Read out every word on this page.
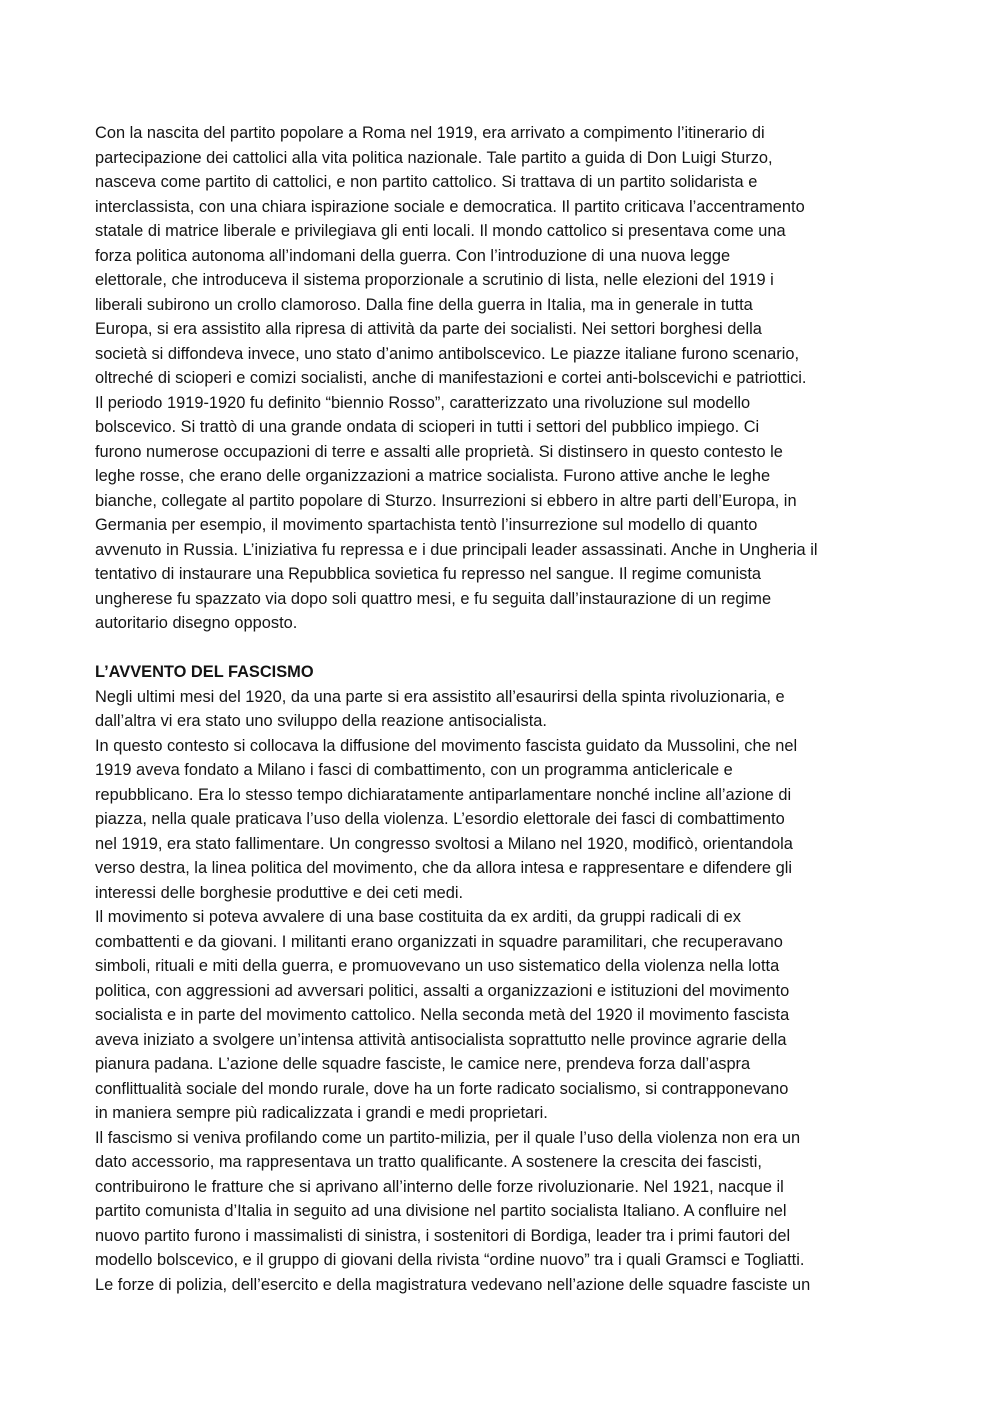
Con la nascita del partito popolare a Roma nel 1919, era arrivato a compimento l’itinerario di
partecipazione dei cattolici alla vita politica nazionale. Tale partito a guida di Don Luigi Sturzo,
nasceva come partito di cattolici, e non partito cattolico. Si trattava di un partito solidarista e
interclassista, con una chiara ispirazione sociale e democratica. Il partito criticava l’accentramento
statale di matrice liberale e privilegiava gli enti locali. Il mondo cattolico si presentava come una
forza politica autonoma all’indomani della guerra. Con l’introduzione di una nuova legge
elettorale, che introduceva il sistema proporzionale a scrutinio di lista, nelle elezioni del 1919 i
liberali subirono un crollo clamoroso. Dalla fine della guerra in Italia, ma in generale in tutta
Europa, si era assistito alla ripresa di attività da parte dei socialisti. Nei settori borghesi della
società si diffondeva invece, uno stato d’animo antibolscevico. Le piazze italiane furono scenario,
oltreché di scioperi e comizi socialisti, anche di manifestazioni e cortei anti-bolscevichi e patriottici.
Il periodo 1919-1920 fu definito “biennio Rosso”, caratterizzato una rivoluzione sul modello
bolscevico. Si trattò di una grande ondata di scioperi in tutti i settori del pubblico impiego. Ci
furono numerose occupazioni di terre e assalti alle proprietà. Si distinsero in questo contesto le
leghe rosse, che erano delle organizzazioni a matrice socialista. Furono attive anche le leghe
bianche, collegate al partito popolare di Sturzo. Insurrezioni si ebbero in altre parti dell’Europa, in
Germania per esempio, il movimento spartachista tentò l’insurrezione sul modello di quanto
avvenuto in Russia. L’iniziativa fu repressa e i due principali leader assassinati. Anche in Ungheria il
tentativo di instaurare una Repubblica sovietica fu represso nel sangue. Il regime comunista
ungherese fu spazzato via dopo soli quattro mesi, e fu seguita dall’instaurazione di un regime
autoritario disegno opposto.
L’AVVENTO DEL FASCISMO
Negli ultimi mesi del 1920, da una parte si era assistito all’esaurirsi della spinta rivoluzionaria, e
dall’altra vi era stato uno sviluppo della reazione antisocialista.
In questo contesto si collocava la diffusione del movimento fascista guidato da Mussolini, che nel
1919 aveva fondato a Milano i fasci di combattimento, con un programma anticlericale e
repubblicano. Era lo stesso tempo dichiaratamente antiparlamentare nonché incline all’azione di
piazza, nella quale praticava l’uso della violenza. L’esordio elettorale dei fasci di combattimento
nel 1919, era stato fallimentare. Un congresso svoltosi a Milano nel 1920, modificò, orientandola
verso destra, la linea politica del movimento, che da allora intesa e rappresentare e difendere gli
interessi delle borghesie produttive e dei ceti medi.
Il movimento si poteva avvalere di una base costituita da ex arditi, da gruppi radicali di ex
combattenti e da giovani. I militanti erano organizzati in squadre paramilitari, che recuperavano
simboli, rituali e miti della guerra, e promuovevano un uso sistematico della violenza nella lotta
politica, con aggressioni ad avversari politici, assalti a organizzazioni e istituzioni del movimento
socialista e in parte del movimento cattolico. Nella seconda metà del 1920 il movimento fascista
aveva iniziato a svolgere un’intensa attività antisocialista soprattutto nelle province agrarie della
pianura padana. L’azione delle squadre fasciste, le camice nere, prendeva forza dall’aspra
conflittualità sociale del mondo rurale, dove ha un forte radicato socialismo, si contrapponevano
in maniera sempre più radicalizzata i grandi e medi proprietari.
Il fascismo si veniva profilando come un partito-milizia, per il quale l’uso della violenza non era un
dato accessorio, ma rappresentava un tratto qualificante. A sostenere la crescita dei fascisti,
contribuirono le fratture che si aprivano all’interno delle forze rivoluzionarie. Nel 1921, nacque il
partito comunista d’Italia in seguito ad una divisione nel partito socialista Italiano. A confluire nel
nuovo partito furono i massimalisti di sinistra, i sostenitori di Bordiga, leader tra i primi fautori del
modello bolscevico, e il gruppo di giovani della rivista “ordine nuovo” tra i quali Gramsci e Togliatti.
Le forze di polizia, dell’esercito e della magistratura vedevano nell’azione delle squadre fasciste un
